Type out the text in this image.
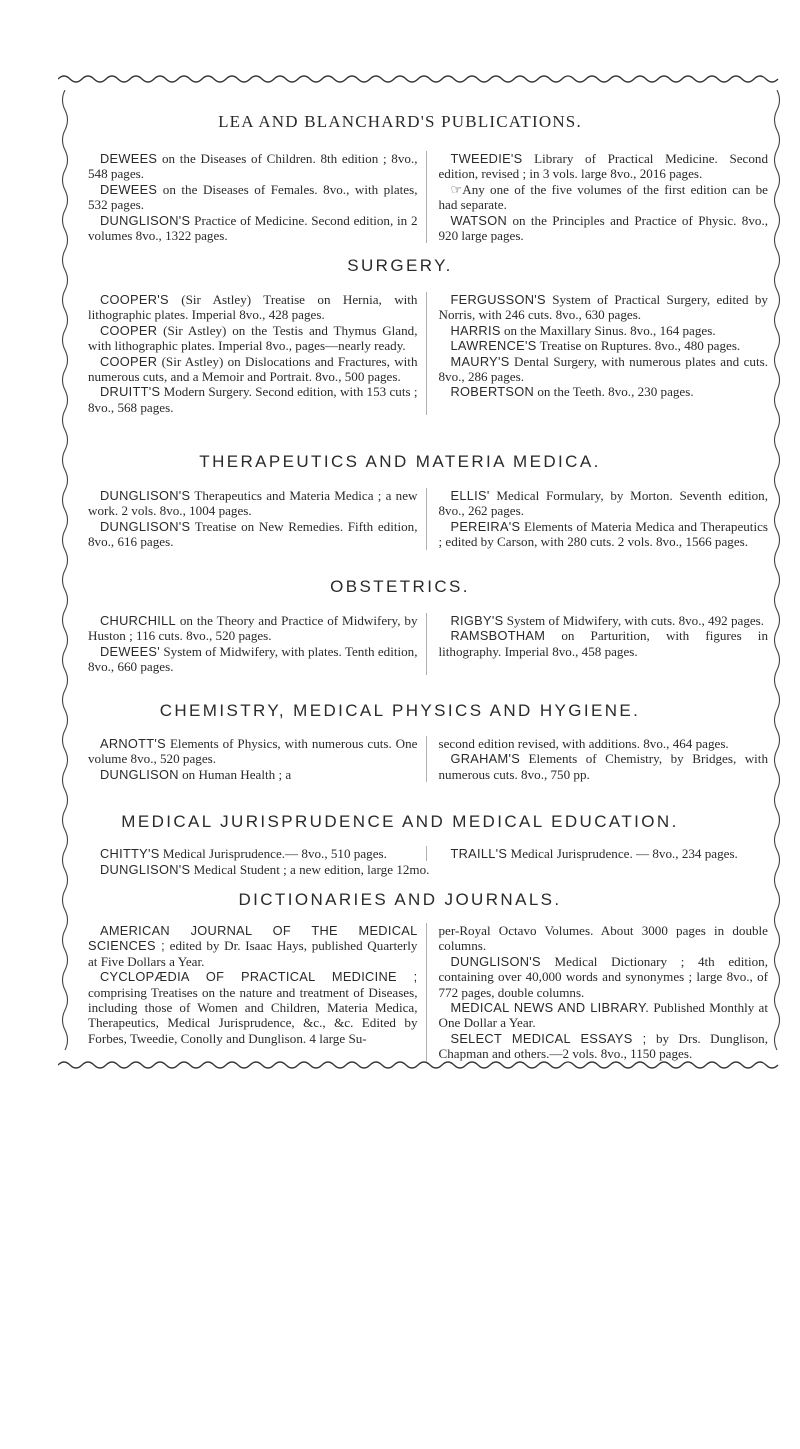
LEA AND BLANCHARD'S PUBLICATIONS.

DEWEES on the Diseases of Children. 8th edition ; 8vo., 548 pages.

DEWEES on the Diseases of Females. 8vo., with plates, 532 pages.

DUNGLISON'S Practice of Medicine. Second edition, in 2 volumes 8vo., 1322 pages.

TWEEDIE'S Library of Practical Medicine. Second edition, revised ; in 3 vols. large 8vo., 2016 pages.

☞Any one of the five volumes of the first edition can be had separate.

WATSON on the Principles and Practice of Physic. 8vo., 920 large pages.

SURGERY.

COOPER'S (Sir Astley) Treatise on Hernia, with lithographic plates. Imperial 8vo., 428 pages.

COOPER (Sir Astley) on the Testis and Thymus Gland, with lithographic plates. Imperial 8vo., pages—nearly ready.

COOPER (Sir Astley) on Dislocations and Fractures, with numerous cuts, and a Memoir and Portrait. 8vo., 500 pages.

DRUITT'S Modern Surgery. Second edition, with 153 cuts ; 8vo., 568 pages.

FERGUSSON'S System of Practical Surgery, edited by Norris, with 246 cuts. 8vo., 630 pages.

HARRIS on the Maxillary Sinus. 8vo., 164 pages.

LAWRENCE'S Treatise on Ruptures. 8vo., 480 pages.

MAURY'S Dental Surgery, with numerous plates and cuts. 8vo., 286 pages.

ROBERTSON on the Teeth. 8vo., 230 pages.

THERAPEUTICS AND MATERIA MEDICA.

DUNGLISON'S Therapeutics and Materia Medica ; a new work. 2 vols. 8vo., 1004 pages.

DUNGLISON'S Treatise on New Remedies. Fifth edition, 8vo., 616 pages.

ELLIS' Medical Formulary, by Morton. Seventh edition, 8vo., 262 pages.

PEREIRA'S Elements of Materia Medica and Therapeutics ; edited by Carson, with 280 cuts. 2 vols. 8vo., 1566 pages.

OBSTETRICS.

CHURCHILL on the Theory and Practice of Midwifery, by Huston ; 116 cuts. 8vo., 520 pages.

DEWEES' System of Midwifery, with plates. Tenth edition, 8vo., 660 pages.

RIGBY'S System of Midwifery, with cuts. 8vo., 492 pages.

RAMSBOTHAM on Parturition, with figures in lithography. Imperial 8vo., 458 pages.

CHEMISTRY, MEDICAL PHYSICS AND HYGIENE.

ARNOTT'S Elements of Physics, with numerous cuts. One volume 8vo., 520 pages.

DUNGLISON on Human Health ; a

second edition revised, with additions. 8vo., 464 pages.

GRAHAM'S Elements of Chemistry, by Bridges, with numerous cuts. 8vo., 750 pp.

MEDICAL JURISPRUDENCE AND MEDICAL EDUCATION.

CHITTY'S Medical Jurisprudence.— 8vo., 510 pages.	TRAILL'S Medical Jurisprudence. — 8vo., 234 pages.

DUNGLISON'S Medical Student ; a new edition, large 12mo.

DICTIONARIES AND JOURNALS.

AMERICAN JOURNAL OF THE MEDICAL SCIENCES ; edited by Dr. Isaac Hays, published Quarterly at Five Dollars a Year.

CYCLOPÆDIA OF PRACTICAL MEDICINE ; comprising Treatises on the nature and treatment of Diseases, including those of Women and Children, Materia Medica, Therapeutics, Medical Jurisprudence, &c., &c. Edited by Forbes, Tweedie, Conolly and Dunglison. 4 large Su-

per-Royal Octavo Volumes. About 3000 pages in double columns.

DUNGLISON'S Medical Dictionary ; 4th edition, containing over 40,000 words and synonymes ; large 8vo., of 772 pages, double columns.

MEDICAL NEWS AND LIBRARY. Published Monthly at One Dollar a Year.

SELECT MEDICAL ESSAYS ; by Drs. Dunglison, Chapman and others.—2 vols. 8vo., 1150 pages.
